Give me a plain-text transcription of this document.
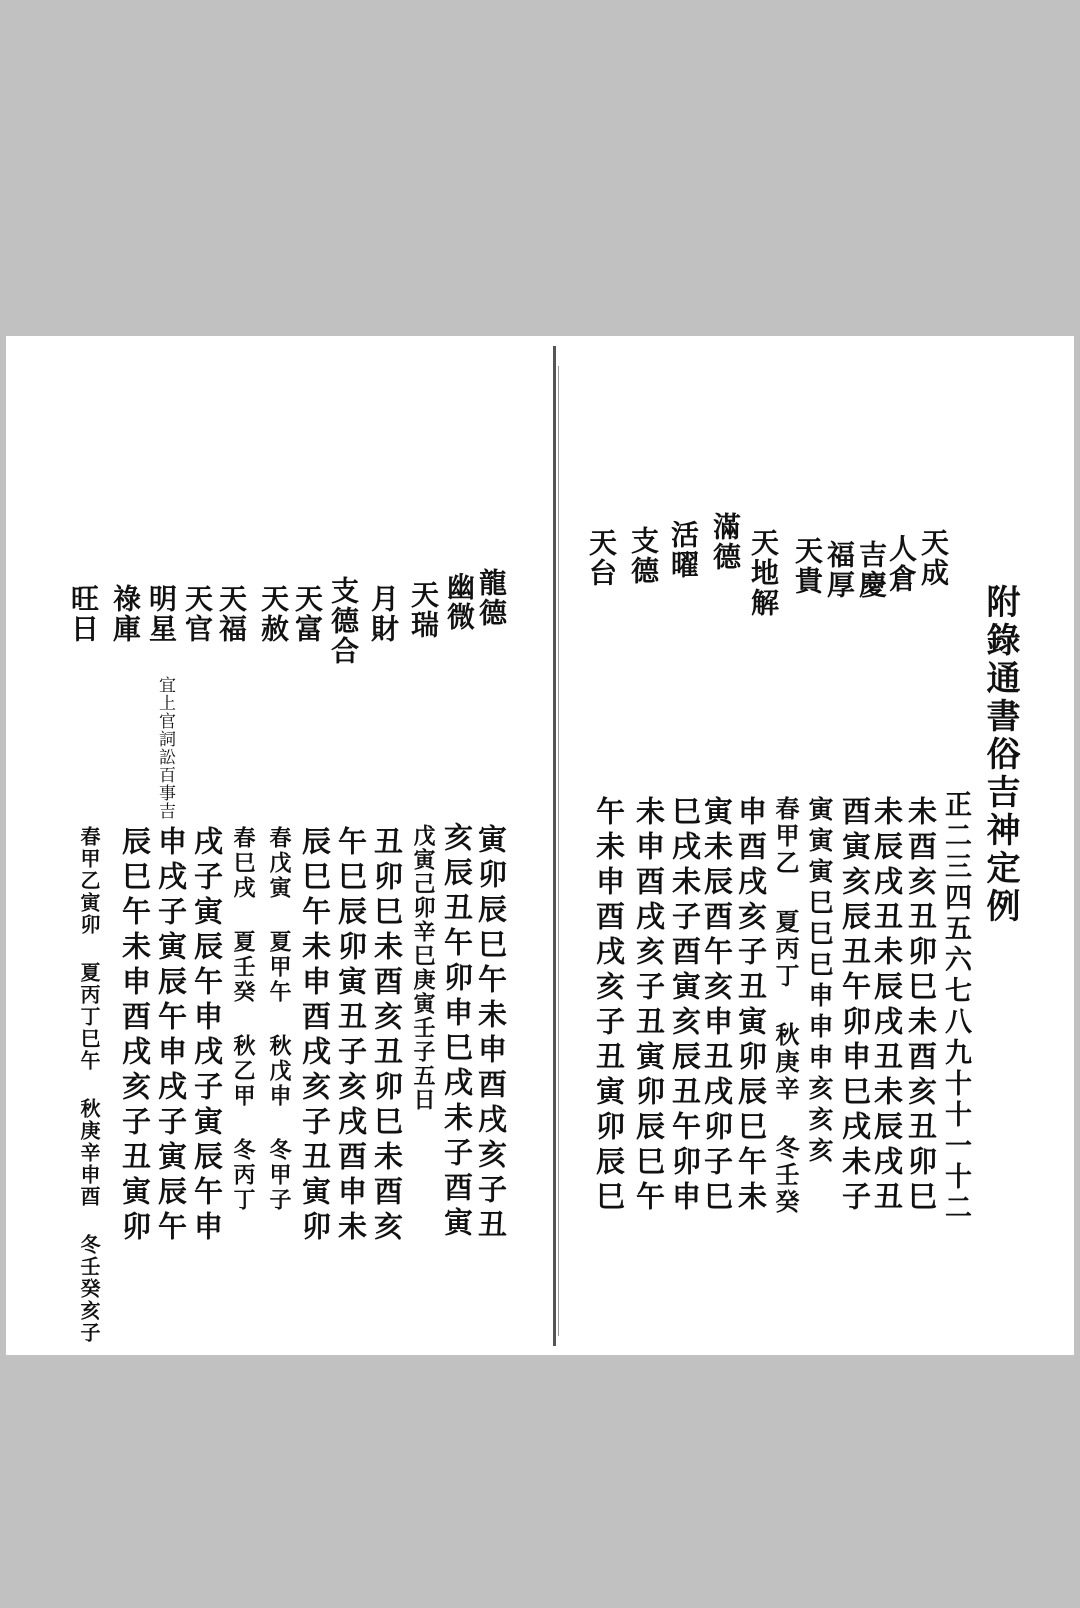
附錄通書俗吉神定例
天成
人倉
吉慶
福厚
天貴
天地解
滿德
活曜
支德
天台
正二三四五六七八九十十一十二
未酉亥丑卯巳未酉亥丑卯巳
未辰戌丑未辰戌丑未辰戌丑
酉寅亥辰丑午卯申巳戌未子
寅寅寅巳巳巳申申申亥亥亥
春甲乙 夏丙丁 秋庚辛 冬壬癸
申酉戌亥子丑寅卯辰巳午未
寅未辰酉午亥申丑戌卯子巳
巳戌未子酉寅亥辰丑午卯申
未申酉戌亥子丑寅卯辰巳午
午未申酉戌亥子丑寅卯辰巳
龍德
幽微
天瑞
月財
支德合
天富
天赦
天福
天官
明星
祿庫
旺日
宜上官詞訟百事吉
寅卯辰巳午未申酉戌亥子丑
亥辰丑午卯申巳戌未子酉寅
戊寅己卯辛巳庚寅壬子五日
丑卯巳未酉亥丑卯巳未酉亥
午巳辰卯寅丑子亥戌酉申未
辰巳午未申酉戌亥子丑寅卯
春戊寅 夏甲午 秋戊申 冬甲子
春巳戌 夏壬癸 秋乙甲 冬丙丁
戌子寅辰午申戌子寅辰午申
申戌子寅辰午申戌子寅辰午
辰巳午未申酉戌亥子丑寅卯
春甲乙寅卯 夏丙丁巳午 秋庚辛申酉 冬壬癸亥子
